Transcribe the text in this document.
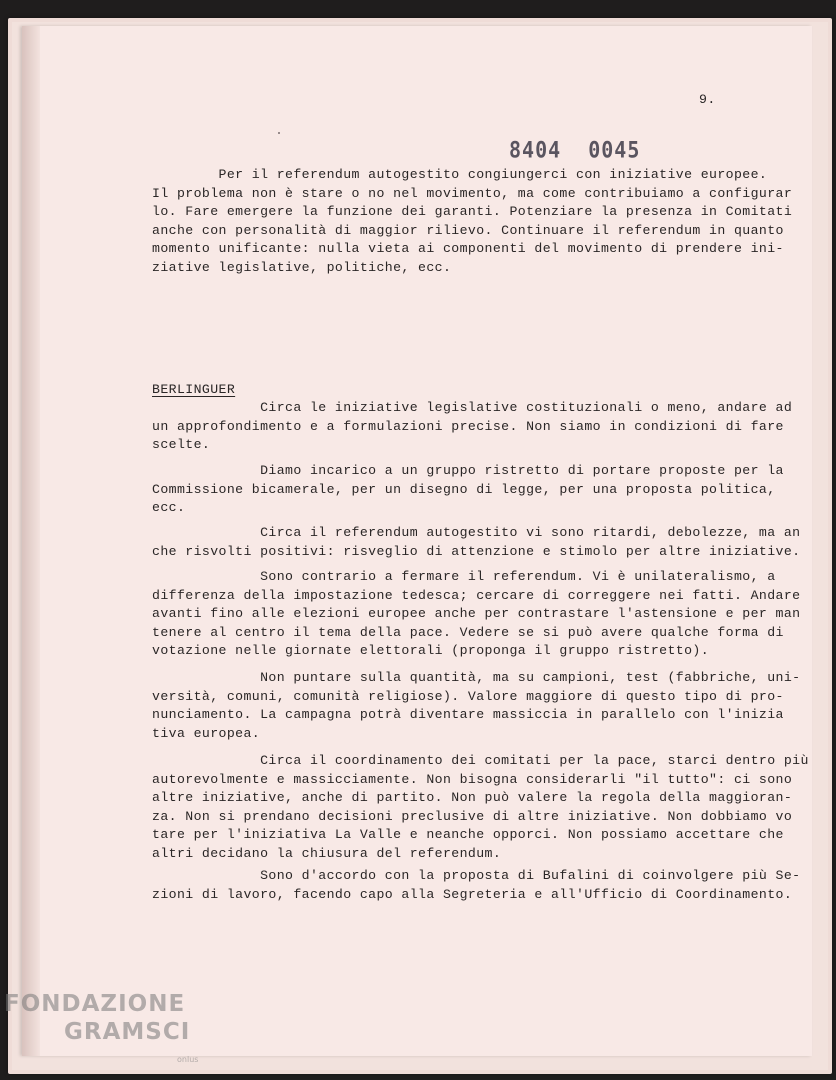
9.
8404 0045
Per il referendum autogestito congiungerci con iniziative europee.
Il problema non è stare o no nel movimento, ma come contribuiamo a configurar
lo. Fare emergere la funzione dei garanti. Potenziare la presenza in Comitati
anche con personalità di maggior rilievo. Continuare il referendum in quanto
momento unificante: nulla vieta ai componenti del movimento di prendere ini-
ziative legislative, politiche, ecc.
BERLINGUER
Circa le iniziative legislative costituzionali o meno, andare ad
un approfondimento e a formulazioni precise. Non siamo in condizioni di fare
scelte.
Diamo incarico a un gruppo ristretto di portare proposte per la
Commissione bicamerale, per un disegno di legge, per una proposta politica,
ecc.
Circa il referendum autogestito vi sono ritardi, debolezze, ma an
che risvolti positivi: risveglio di attenzione e stimolo per altre iniziative.
Sono contrario a fermare il referendum. Vi è unilateralismo, a
differenza della impostazione tedesca; cercare di correggere nei fatti. Andare
avanti fino alle elezioni europee anche per contrastare l'astensione e per man
tenere al centro il tema della pace. Vedere se si può avere qualche forma di
votazione nelle giornate elettorali (proponga il gruppo ristretto).
Non puntare sulla quantità, ma su campioni, test (fabbriche, uni-
versità, comuni, comunità religiose). Valore maggiore di questo tipo di pro-
nunciamento. La campagna potrà diventare massiccia in parallelo con l'inizia
tiva europea.
Circa il coordinamento dei comitati per la pace, starci dentro più
autorevolmente e massicciamente. Non bisogna considerarli "il tutto": ci sono
altre iniziative, anche di partito. Non può valere la regola della maggioran-
za. Non si prendano decisioni preclusive di altre iniziative. Non dobbiamo vo
tare per l'iniziativa La Valle e neanche opporci. Non possiamo accettare che
altri decidano la chiusura del referendum.
Sono d'accordo con la proposta di Bufalini di coinvolgere più Se-
zioni di lavoro, facendo capo alla Segreteria e all'Ufficio di Coordinamento.
FONDAZIONE
GRAMSCI
onlus
